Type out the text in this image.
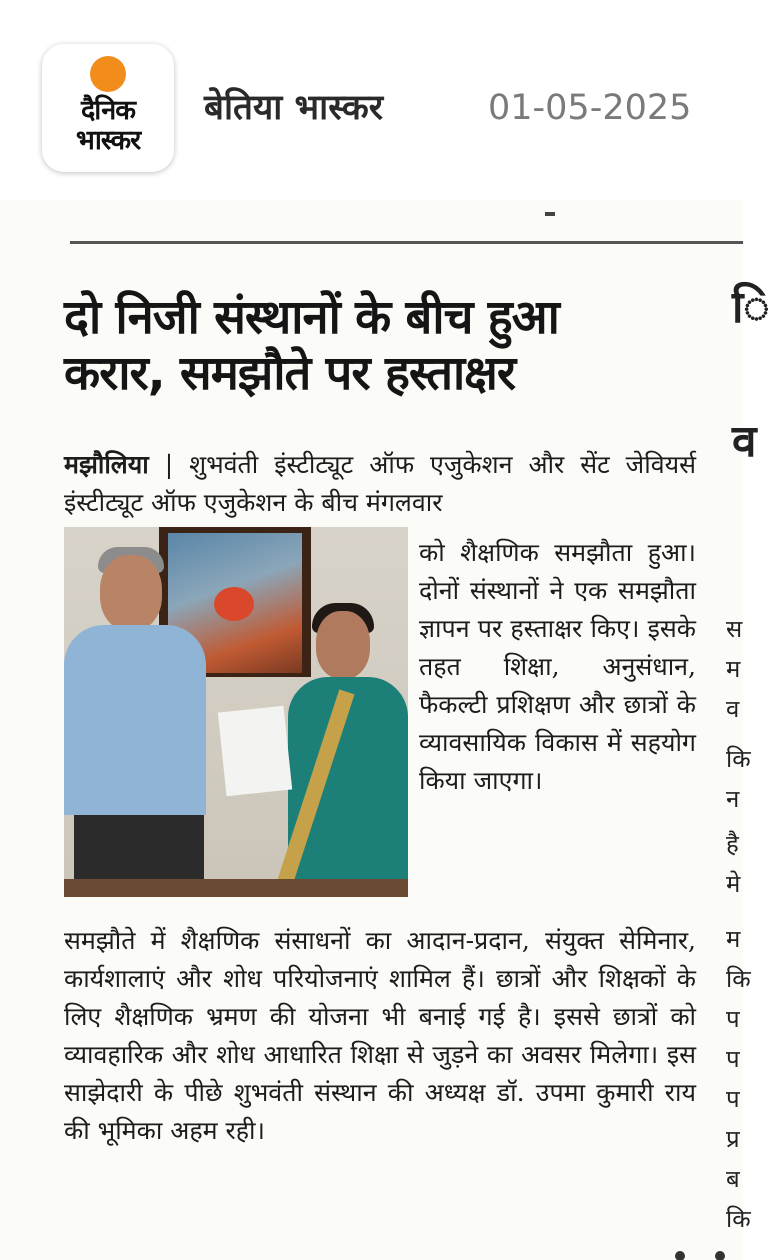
दैनिक
भास्कर
बेतिया भास्कर	01-05-2025
दो निजी संस्थानों के बीच हुआ
करार, समझौते पर हस्ताक्षर
मझौलिया | शुभवंती इंस्टीट्यूट ऑफ एजुकेशन और सेंट जेवियर्स इंस्टीट्यूट ऑफ एजुकेशन के बीच मंगलवार
को शैक्षणिक समझौता हुआ। दोनों संस्थानों ने एक समझौता ज्ञापन पर हस्ताक्षर किए। इसके तहत शिक्षा, अनुसंधान, फैकल्टी प्रशिक्षण और छात्रों के व्यावसायिक विकास में सहयोग किया जाएगा।
समझौते में शैक्षणिक संसाधनों का आदान-प्रदान, संयुक्त सेमिनार, कार्यशालाएं और शोध परियोजनाएं शामिल हैं। छात्रों और शिक्षकों के लिए शैक्षणिक भ्रमण की योजना भी बनाई गई है। इससे छात्रों को व्यावहारिक और शोध आधारित शिक्षा से जुड़ने का अवसर मिलेगा। इस साझेदारी के पीछे शुभवंती संस्थान की अध्यक्ष डॉ. उपमा कुमारी राय की भूमिका अहम रही।
ि
व
स
म
व
कि
न
है
मे
म
कि
प
प
प
प्र
ब
कि
